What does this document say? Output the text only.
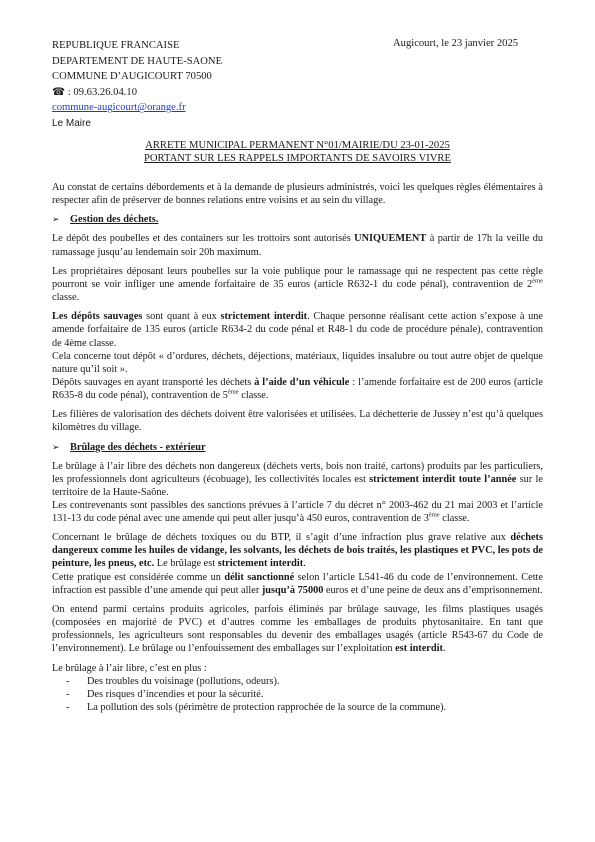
REPUBLIQUE FRANCAISE
DEPARTEMENT DE HAUTE-SAONE
COMMUNE D’AUGICOURT 70500
☎ : 09.63.26.04.10
commune-augicourt@orange.fr
Le Maire
Augicourt, le 23 janvier 2025
ARRETE MUNICIPAL PERMANENT N°01/MAIRIE/DU 23-01-2025
PORTANT SUR LES RAPPELS IMPORTANTS DE SAVOIRS VIVRE

Au constat de certains débordements et à la demande de plusieurs administrés, voici les quelques règles élémentaires à respecter afin de préserver de bonnes relations entre voisins et au sein du village.

➢ Gestion des déchets.

Le dépôt des poubelles et des containers sur les trottoirs sont autorisés UNIQUEMENT à partir de 17h la veille du ramassage jusqu’au lendemain soir 20h maximum.

Les propriétaires déposant leurs poubelles sur la voie publique pour le ramassage qui ne respectent pas cette règle pourront se voir infliger une amende forfaitaire de 35 euros (article R632-1 du code pénal), contravention de 2ème classe.

Les dépôts sauvages sont quant à eux strictement interdit. Chaque personne réalisant cette action s’expose à une amende forfaitaire de 135 euros (article R634-2 du code pénal et R48-1 du code de procédure pénale), contravention de 4ème classe.
Cela concerne tout dépôt « d’ordures, déchets, déjections, matériaux, liquides insalubre ou tout autre objet de quelque nature qu’il soit ».
Dépôts sauvages en ayant transporté les déchets à l’aide d’un véhicule : l’amende forfaitaire est de 200 euros (article R635-8 du code pénal), contravention de 5ème classe.

Les filières de valorisation des déchets doivent être valorisées et utilisées. La déchetterie de Jussey n’est qu’à quelques kilomètres du village.

➢ Brûlage des déchets - extérieur

Le brûlage à l’air libre des déchets non dangereux (déchets verts, bois non traité, cartons) produits par les particuliers, les professionnels dont agriculteurs (écobuage), les collectivités locales est strictement interdit toute l’année sur le territoire de la Haute-Saône.
Les contrevenants sont passibles des sanctions prévues à l’article 7 du décret n° 2003-462 du 21 mai 2003 et l’article 131-13 du code pénal avec une amende qui peut aller jusqu’à 450 euros, contravention de 3ème classe.

Concernant le brûlage de déchets toxiques ou du BTP, il s’agit d’une infraction plus grave relative aux déchets dangereux comme les huiles de vidange, les solvants, les déchets de bois traités, les plastiques et PVC, les pots de peinture, les pneus, etc. Le brûlage est strictement interdit.
Cette pratique est considérée comme un délit sanctionné selon l’article L541-46 du code de l’environnement. Cette infraction est passible d’une amende qui peut aller jusqu’à 75000 euros et d’une peine de deux ans d’emprisonnement.

On entend parmi certains produits agricoles, parfois éliminés par brûlage sauvage, les films plastiques usagés (composées en majorité de PVC) et d’autres comme les emballages de produits phytosanitaire. En tant que professionnels, les agriculteurs sont responsables du devenir des emballages usagés (article R543-67 du Code de l’environnement). Le brûlage ou l’enfouissement des emballages sur l’exploitation est interdit.

Le brûlage à l’air libre, c’est en plus :

- Des troubles du voisinage (pollutions, odeurs).
- Des risques d’incendies et pour la sécurité.
- La pollution des sols (périmètre de protection rapprochée de la source de la commune).
